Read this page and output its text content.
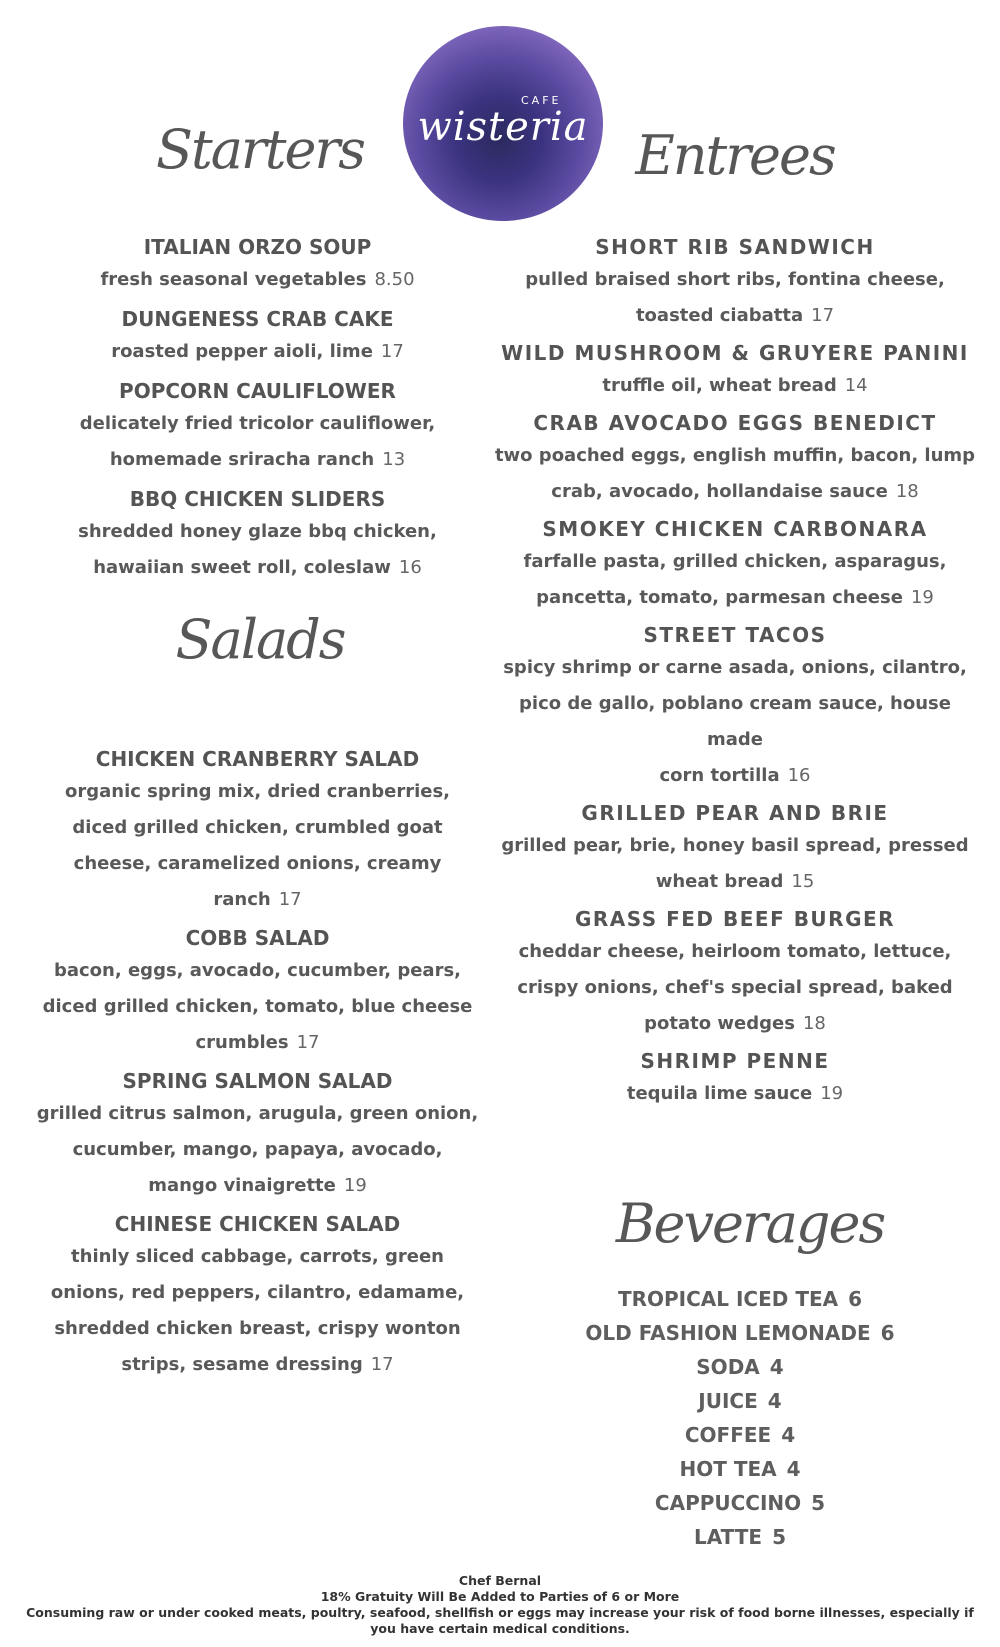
CAFE
wisteria
Starters
Salads
Entrees
Beverages
ITALIAN ORZO SOUP
fresh seasonal vegetables 8.50
DUNGENESS CRAB CAKE
roasted pepper aioli, lime 17
POPCORN CAULIFLOWER
delicately fried tricolor cauliflower,
homemade sriracha ranch 13
BBQ CHICKEN SLIDERS
shredded honey glaze bbq chicken,
hawaiian sweet roll, coleslaw 16
CHICKEN CRANBERRY SALAD
organic spring mix, dried cranberries,
diced grilled chicken, crumbled goat
cheese, caramelized onions, creamy
ranch 17
COBB SALAD
bacon, eggs, avocado, cucumber, pears,
diced grilled chicken, tomato, blue cheese
crumbles 17
SPRING SALMON SALAD
grilled citrus salmon, arugula, green onion,
cucumber, mango, papaya, avocado,
mango vinaigrette 19
CHINESE CHICKEN SALAD
thinly sliced cabbage, carrots, green
onions, red peppers, cilantro, edamame,
shredded chicken breast, crispy wonton
strips, sesame dressing 17
SHORT RIB SANDWICH
pulled braised short ribs, fontina cheese,
toasted ciabatta 17
WILD MUSHROOM & GRUYERE PANINI
truffle oil, wheat bread 14
CRAB AVOCADO EGGS BENEDICT
two poached eggs, english muffin, bacon, lump
crab, avocado, hollandaise sauce 18
SMOKEY CHICKEN CARBONARA
farfalle pasta, grilled chicken, asparagus,
pancetta, tomato, parmesan cheese 19
STREET TACOS
spicy shrimp or carne asada, onions, cilantro,
pico de gallo, poblano cream sauce, house made
corn tortilla 16
GRILLED PEAR AND BRIE
grilled pear, brie, honey basil spread, pressed
wheat bread 15
GRASS FED BEEF BURGER
cheddar cheese, heirloom tomato, lettuce,
crispy onions, chef's special spread, baked
potato wedges 18
SHRIMP PENNE
tequila lime sauce 19
TROPICAL ICED TEA 6
OLD FASHION LEMONADE 6
SODA 4
JUICE 4
COFFEE 4
HOT TEA 4
CAPPUCCINO 5
LATTE 5
Chef Bernal
18% Gratuity Will Be Added to Parties of 6 or More
Consuming raw or under cooked meats, poultry, seafood, shellfish or eggs may increase your risk of food borne illnesses, especially if
you have certain medical conditions.
